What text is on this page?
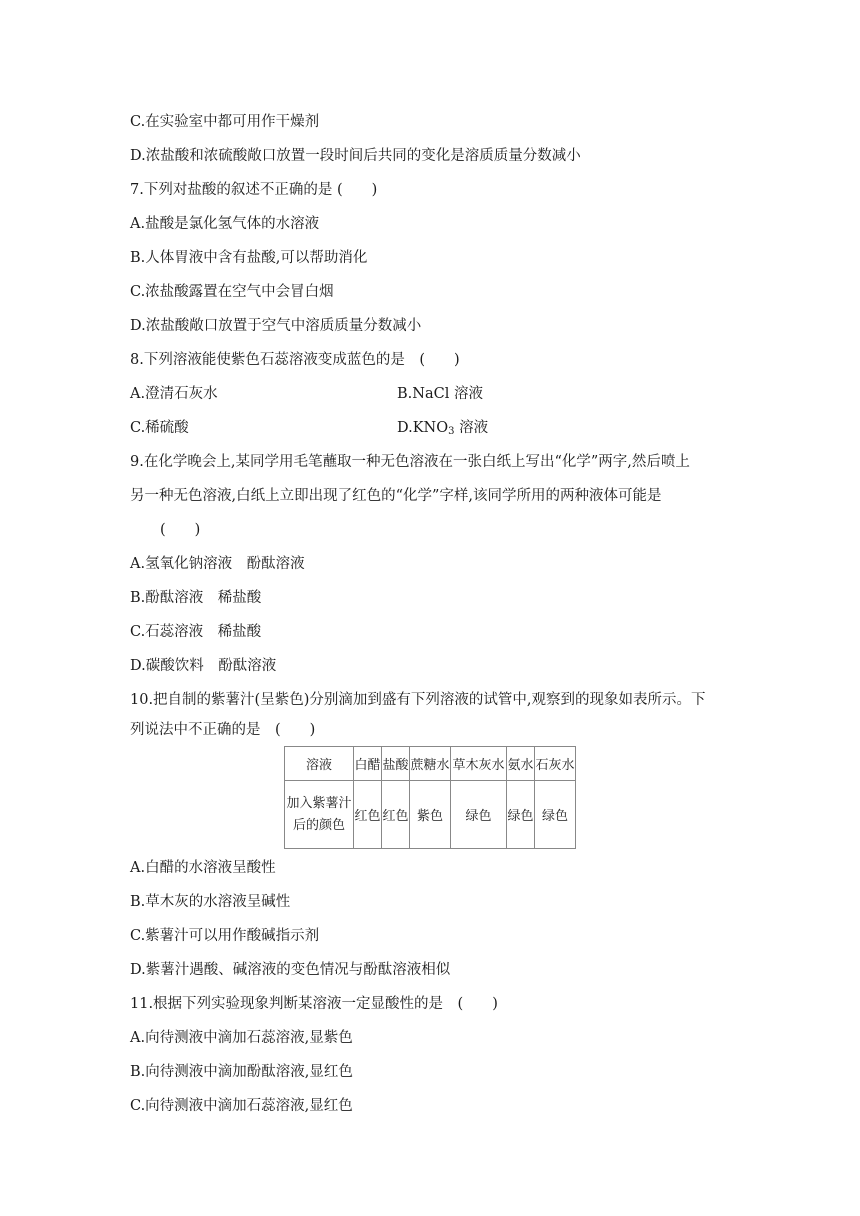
C.在实验室中都可用作干燥剂
D.浓盐酸和浓硫酸敞口放置一段时间后共同的变化是溶质质量分数减小
7.下列对盐酸的叙述不正确的是 (　　)
A.盐酸是氯化氢气体的水溶液
B.人体胃液中含有盐酸,可以帮助消化
C.浓盐酸露置在空气中会冒白烟
D.浓盐酸敞口放置于空气中溶质质量分数减小
8.下列溶液能使紫色石蕊溶液变成蓝色的是　(　　)
A.澄清石灰水	B.NaCl 溶液
C.稀硫酸	$D.KNO_3$ 溶液
9.在化学晚会上,某同学用毛笔蘸取一种无色溶液在一张白纸上写出“化学”两字,然后喷上
另一种无色溶液,白纸上立即出现了红色的“化学”字样,该同学所用的两种液体可能是
(　　)
A.氢氧化钠溶液　酚酞溶液
B.酚酞溶液　稀盐酸
C.石蕊溶液　稀盐酸
D.碳酸饮料　酚酞溶液
10.把自制的紫薯汁(呈紫色)分别滴加到盛有下列溶液的试管中,观察到的现象如表所示。下
列说法中不正确的是　(　　)
溶液	白醋	盐酸	蔗糖水	草木灰水	氨水	石灰水

加入紫薯汁
后的颜色	红色	红色	紫色	绿色	绿色	绿色
A.白醋的水溶液呈酸性
B.草木灰的水溶液呈碱性
C.紫薯汁可以用作酸碱指示剂
D.紫薯汁遇酸、碱溶液的变色情况与酚酞溶液相似
11.根据下列实验现象判断某溶液一定显酸性的是　(　　)
A.向待测液中滴加石蕊溶液,显紫色
B.向待测液中滴加酚酞溶液,显红色
C.向待测液中滴加石蕊溶液,显红色
